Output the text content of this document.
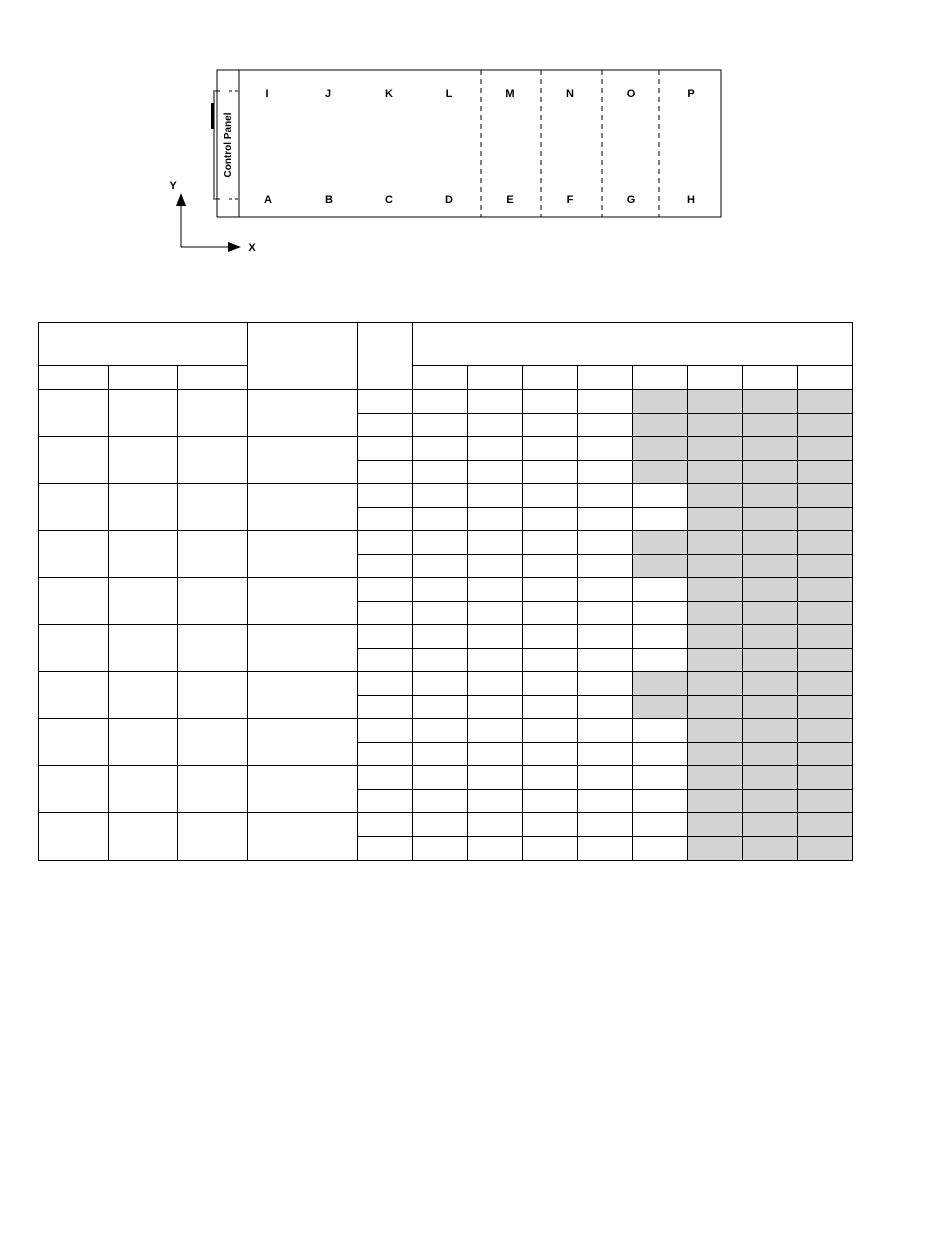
Control Panel
I	J	K	L	M	N	O	P
A	B	C	D	E	F	G	H
Y
X
